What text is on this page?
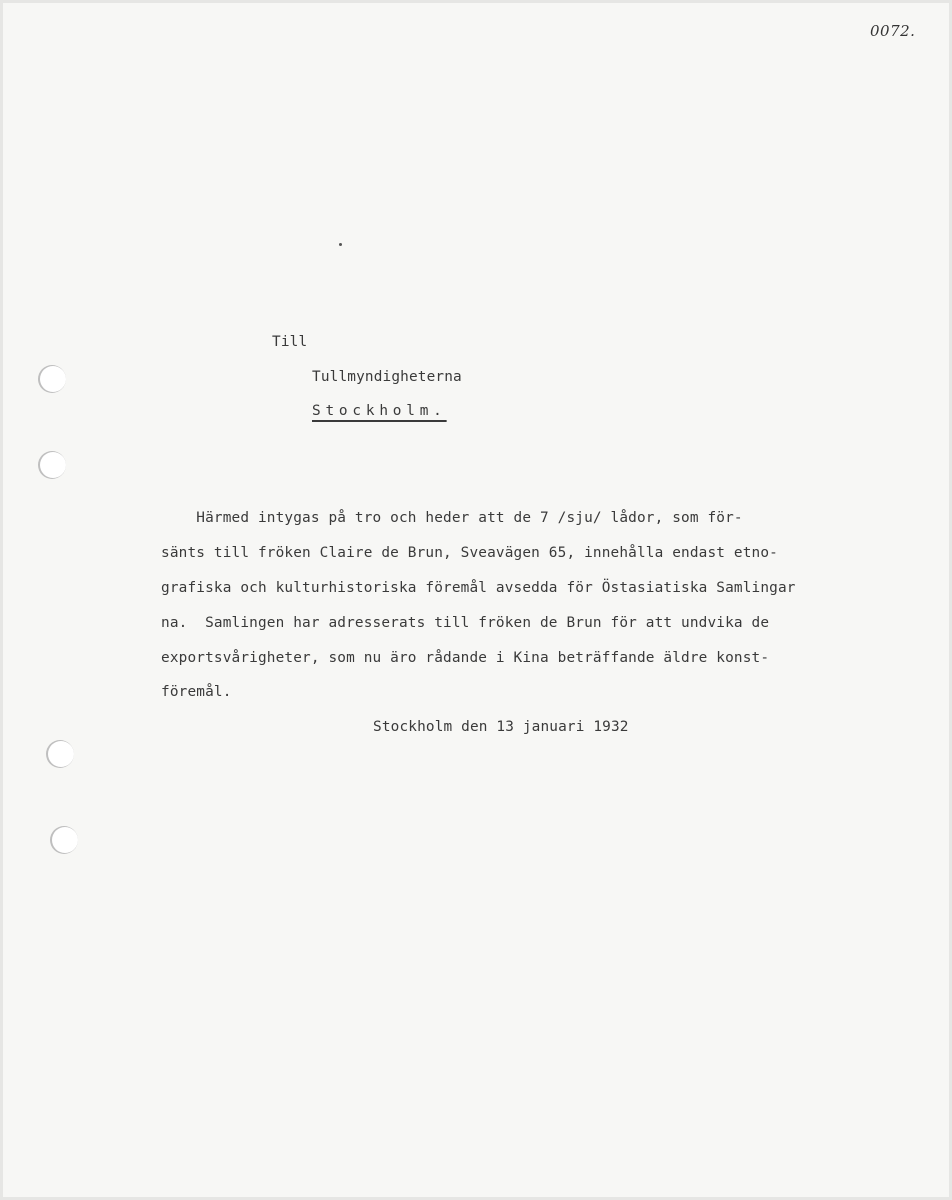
0072.
Till
Tullmyndigheterna
Stockholm.
Härmed intygas på tro och heder att de 7 /sju/ lådor, som för-
sänts till fröken Claire de Brun, Sveavägen 65, innehålla endast etno-
grafiska och kulturhistoriska föremål avsedda för Östasiatiska Samlingar
na.  Samlingen har adresserats till fröken de Brun för att undvika de
exportsvårigheter, som nu äro rådande i Kina beträffande äldre konst-
föremål.
Stockholm den 13 januari 1932
